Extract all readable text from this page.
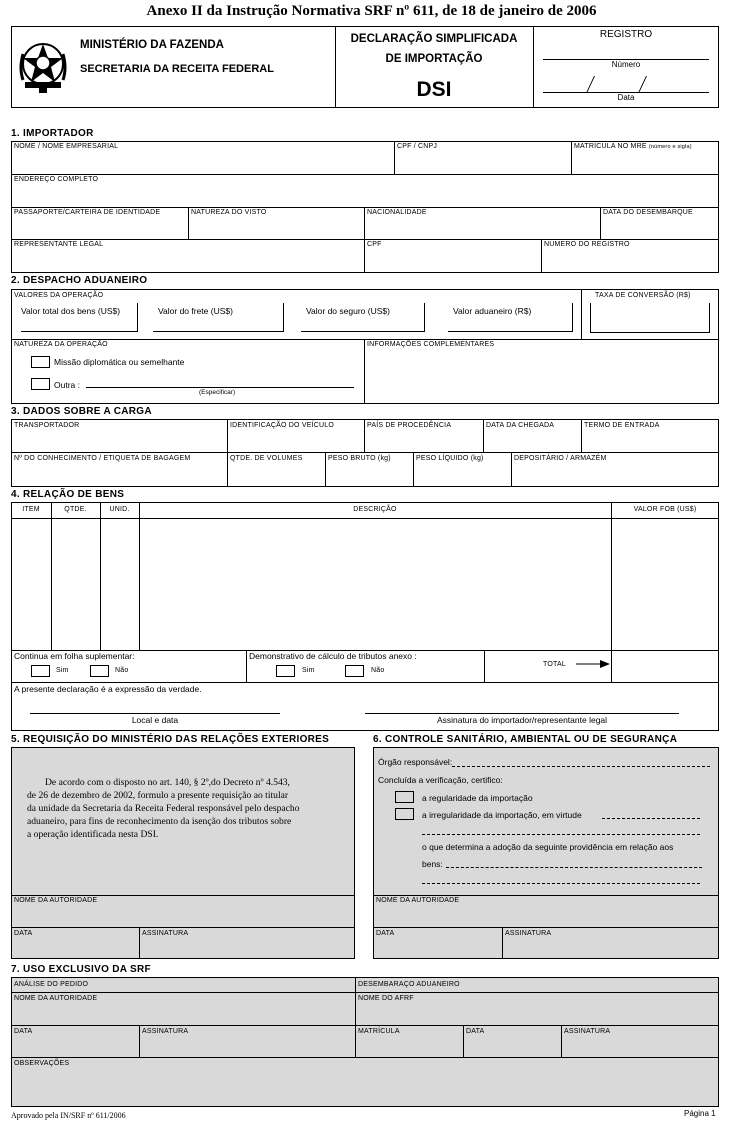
Anexo II da Instrução Normativa SRF nº 611, de 18 de janeiro de 2006
MINISTÉRIO DA FAZENDA
SECRETARIA DA RECEITA FEDERAL
DECLARAÇÃO SIMPLIFICADA
DE IMPORTAÇÃO
DSI
REGISTRO
Número
Data
1. IMPORTADOR
NOME / NOME EMPRESARIAL	CPF / CNPJ	MATRÍCULA NO MRE (número e sigla)
ENDEREÇO COMPLETO
PASSAPORTE/CARTEIRA DE IDENTIDADE	NATUREZA DO VISTO	NACIONALIDADE	DATA DO DESEMBARQUE
REPRESENTANTE LEGAL	CPF	NÚMERO DO REGISTRO
2. DESPACHO ADUANEIRO
VALORES DA OPERAÇÃO
Valor total dos bens (US$)	Valor do frete (US$)	Valor do seguro (US$)	Valor aduaneiro (R$)
TAXA DE CONVERSÃO (R$)
NATUREZA DA OPERAÇÃO
Missão diplomática ou semelhante
Outra :
(Especificar)
INFORMAÇÕES COMPLEMENTARES
3. DADOS SOBRE A CARGA
TRANSPORTADOR	IDENTIFICAÇÃO DO VEÍCULO	PAÍS DE PROCEDÊNCIA	DATA DA CHEGADA	TERMO DE ENTRADA
Nº DO CONHECIMENTO / ETIQUETA DE BAGAGEM	QTDE. DE VOLUMES	PESO BRUTO (kg)	PESO LÍQUIDO (kg)	DEPOSITÁRIO / ARMAZÉM
4. RELAÇÃO DE BENS
ITEM	QTDE.	UNID.	DESCRIÇÃO	VALOR FOB (US$)
Continua em folha suplementar:
Sim	Não
Demonstrativo de cálculo de tributos anexo :
Sim	Não
TOTAL
A presente declaração é a expressão da verdade.
Local e data	Assinatura do importador/representante legal
5. REQUISIÇÃO DO MINISTÉRIO DAS RELAÇÕES EXTERIORES
De acordo com o disposto no art. 140, § 2º,do Decreto nº 4.543,
de 26 de dezembro de 2002, formulo a presente requisição ao titular
da unidade da Secretaria da Receita Federal responsável pelo despacho
aduaneiro, para fins de reconhecimento da isenção dos tributos sobre
a operação identificada nesta DSI.
NOME DA AUTORIDADE
DATA	ASSINATURA
6. CONTROLE SANITÁRIO, AMBIENTAL OU DE SEGURANÇA
Órgão responsável:
Concluída a verificação, certifico:
a regularidade da importação
a irregularidade da importação, em virtude
o que determina a adoção da seguinte providência em relação aos
bens:
NOME DA AUTORIDADE
DATA	ASSINATURA
7. USO EXCLUSIVO DA SRF
ANÁLISE DO PEDIDO	DESEMBARAÇO ADUANEIRO
NOME DA AUTORIDADE	NOME DO AFRF
DATA	ASSINATURA	MATRÍCULA	DATA	ASSINATURA
OBSERVAÇÕES
Aprovado pela IN/SRF nº 611/2006	Página 1
